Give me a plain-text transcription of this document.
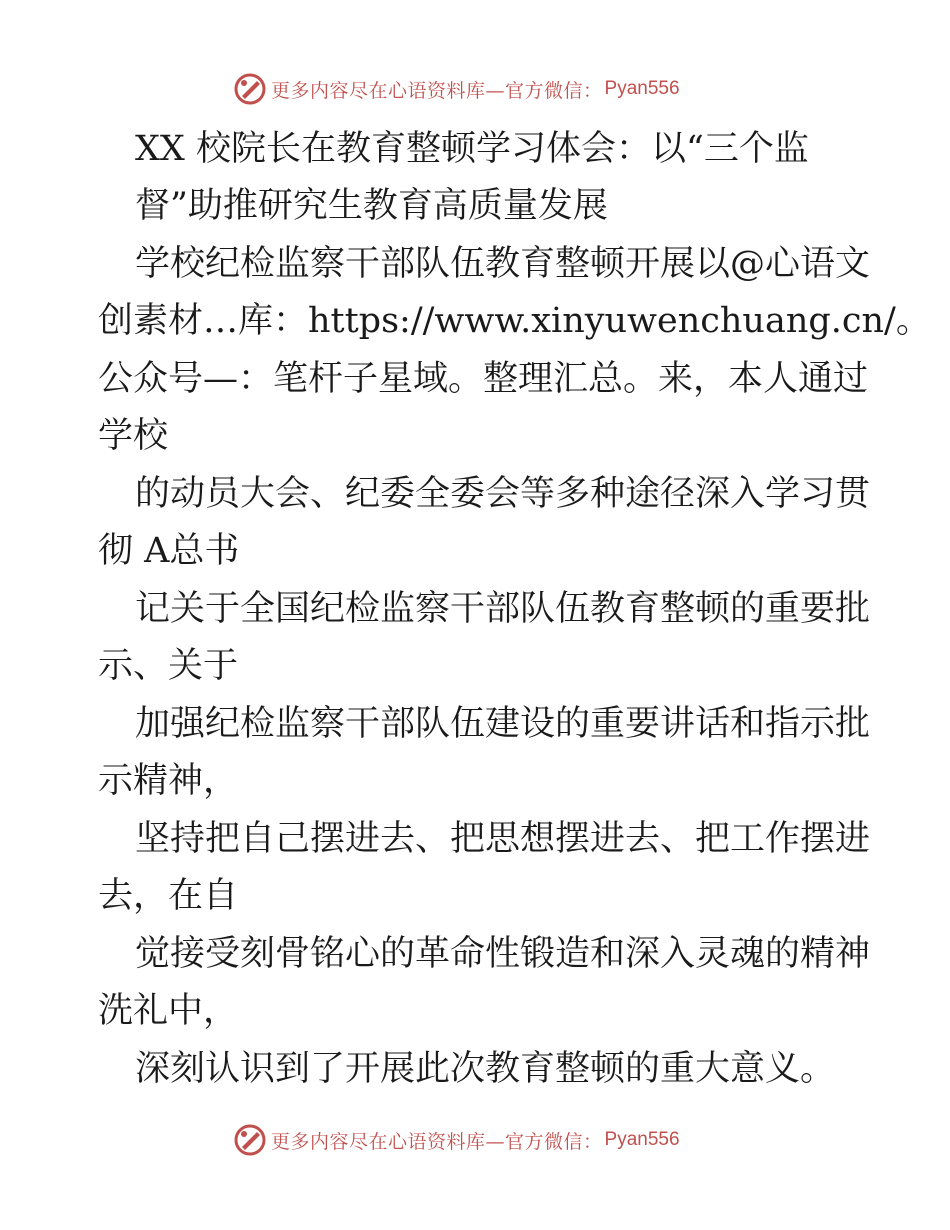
更多内容尽在心语资料库—官方微信： Pyan556
XX 校院长在教育整顿学习体会：以“三个监
督”助推研究生教育高质量发展
学校纪检监察干部队伍教育整顿开展以@心语文
创素材…库：https://www.xinyuwenchuang.cn/。
公众号—：笔杆子星域。整理汇总。来，本人通过
学校
的动员大会、纪委全委会等多种途径深入学习贯
彻 A总书
记关于全国纪检监察干部队伍教育整顿的重要批
示、关于
加强纪检监察干部队伍建设的重要讲话和指示批
示精神，
坚持把自己摆进去、把思想摆进去、把工作摆进
去，在自
觉接受刻骨铭心的革命性锻造和深入灵魂的精神
洗礼中，
深刻认识到了开展此次教育整顿的重大意义。
更多内容尽在心语资料库—官方微信： Pyan556
